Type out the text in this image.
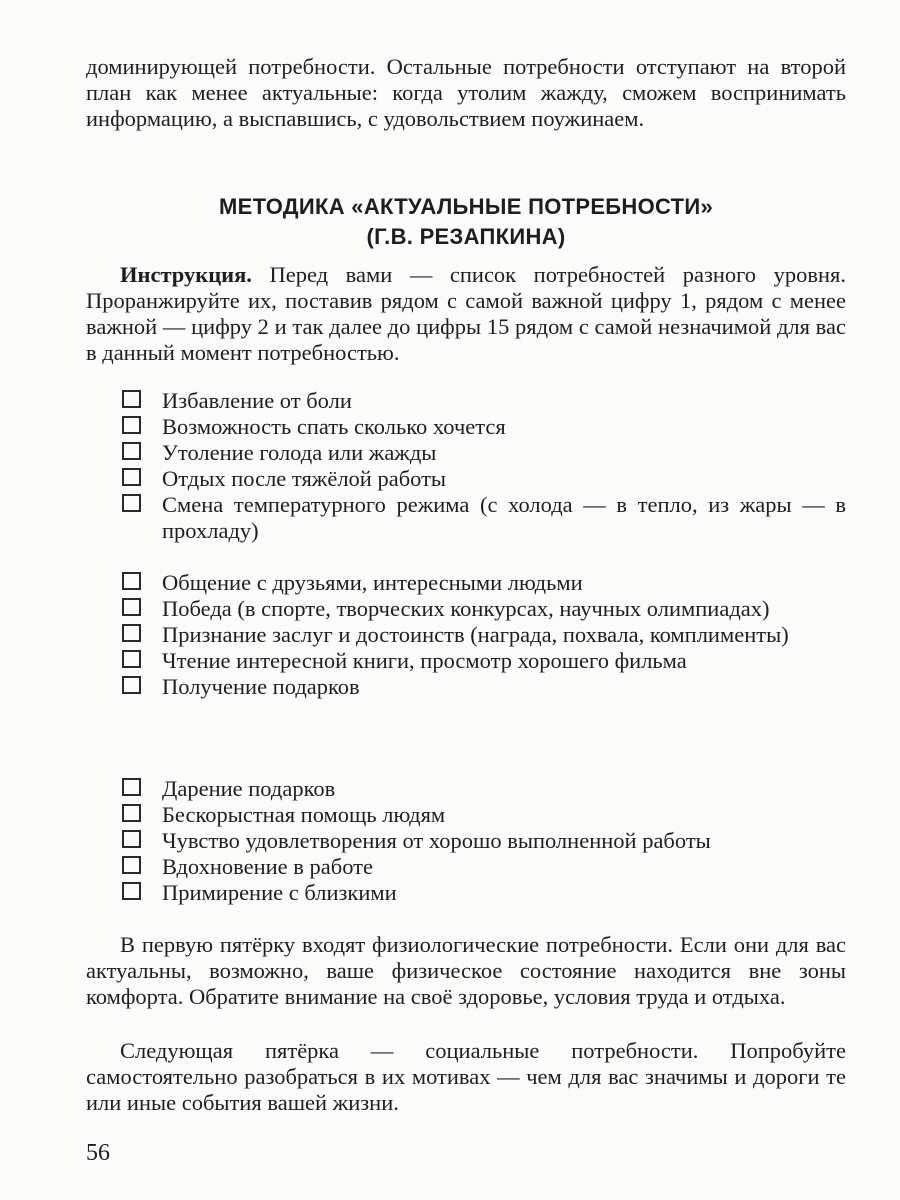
доминирующей потребности. Остальные потребности отступают на второй план как менее актуальные: когда утолим жажду, сможем воспринимать информацию, а выспавшись, с удовольствием поужинаем.

МЕТОДИКА «АКТУАЛЬНЫЕ ПОТРЕБНОСТИ»
(Г.В. РЕЗАПКИНА)

Инструкция. Перед вами — список потребностей разного уровня. Проранжируйте их, поставив рядом с самой важной цифру 1, рядом с менее важной — цифру 2 и так далее до цифры 15 рядом с самой незначимой для вас в данный момент потребностью.

Избавление от боли
Возможность спать сколько хочется
Утоление голода или жажды
Отдых после тяжёлой работы
Смена температурного режима (с холода — в тепло, из жары — в прохладу)
Общение с друзьями, интересными людьми
Победа (в спорте, творческих конкурсах, научных олимпиадах)
Признание заслуг и достоинств (награда, похвала, комплименты)
Чтение интересной книги, просмотр хорошего фильма
Получение подарков
Дарение подарков
Бескорыстная помощь людям
Чувство удовлетворения от хорошо выполненной работы
Вдохновение в работе
Примирение с близкими

В первую пятёрку входят физиологические потребности. Если они для вас актуальны, возможно, ваше физическое состояние находится вне зоны комфорта. Обратите внимание на своё здоровье, условия труда и отдыха.

Следующая пятёрка — социальные потребности. Попробуйте самостоятельно разобраться в их мотивах — чем для вас значимы и дороги те или иные события вашей жизни.

56
